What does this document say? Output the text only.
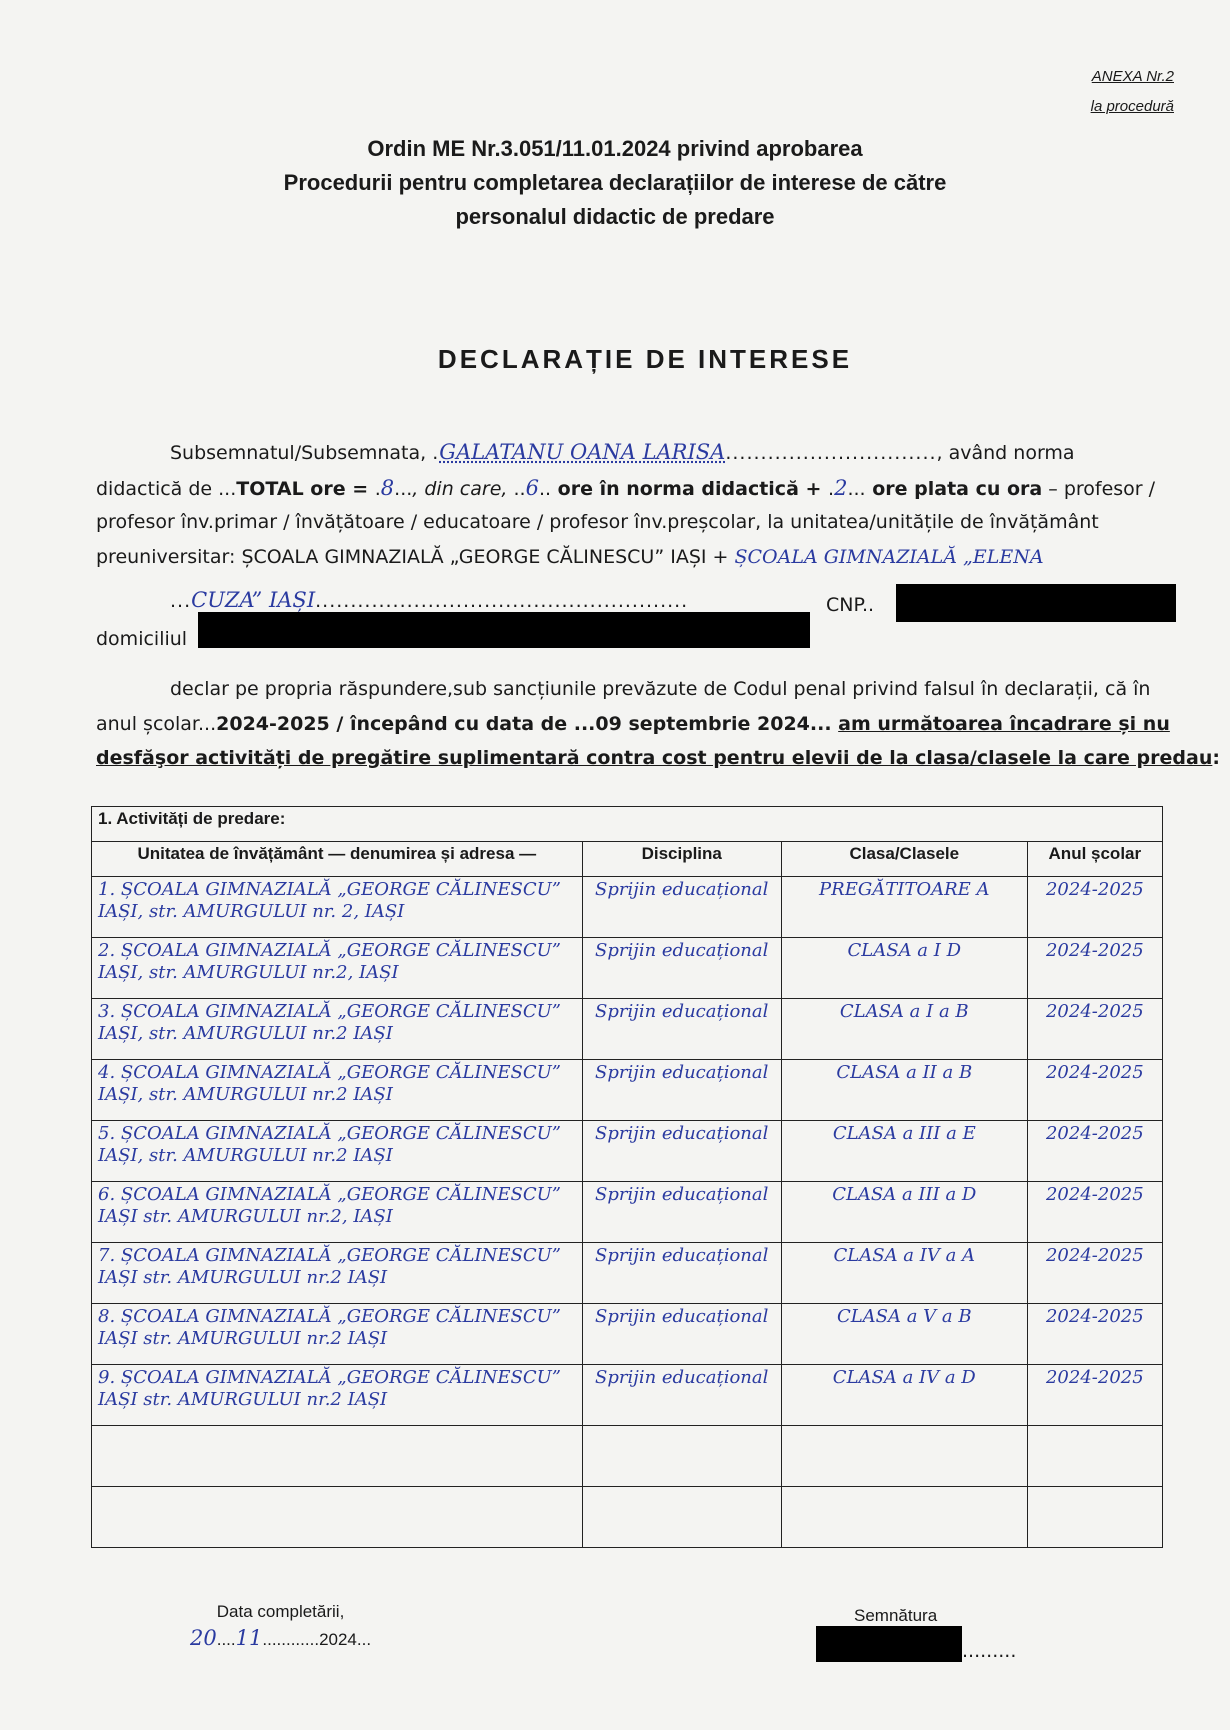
ANEXA Nr.2
la procedură
Ordin ME Nr.3.051/11.01.2024 privind aprobarea
Procedurii pentru completarea declarațiilor de interese de către
personalul didactic de predare
DECLARAȚIE DE INTERESE
Subsemnatul/Subsemnata, .GALATANU OANA LARISA.............................., având norma
didactică de ...TOTAL ore = .8..., din care, ..6.. ore în norma didactică + .2... ore plata cu ora – profesor /
profesor înv.primar / învățătoare / educatoare / profesor înv.preșcolar, la unitatea/unitățile de învățământ
preuniversitar: ȘCOALA GIMNAZIALĂ „GEORGE CĂLINESCU” IAȘI + ȘCOALA GIMNAZIALĂ „ELENA
...CUZA” IAȘI.....................................................	CNP..
domiciliul
declar pe propria răspundere,sub sancțiunile prevăzute de Codul penal privind falsul în declarații, că în
anul școlar...2024-2025 / începând cu data de ...09 septembrie 2024... am următoarea încadrare și nu
desfăşor activități de pregătire suplimentară contra cost pentru elevii de la clasa/clasele la care predau:
1. Activități de predare:			
Unitatea de învățământ — denumirea și adresa —	Disciplina	Clasa/Clasele	Anul școlar
1. ȘCOALA GIMNAZIALĂ „GEORGE CĂLINESCU” IAȘI, str. AMURGULUI nr. 2, IAȘI	Sprijin educațional	PREGĂTITOARE A	2024-2025
2. ȘCOALA GIMNAZIALĂ „GEORGE CĂLINESCU” IAȘI, str. AMURGULUI nr.2, IAȘI	Sprijin educațional	CLASA a I D	2024-2025
3. ȘCOALA GIMNAZIALĂ „GEORGE CĂLINESCU” IAȘI, str. AMURGULUI nr.2 IAȘI	Sprijin educațional	CLASA a I a B	2024-2025
4. ȘCOALA GIMNAZIALĂ „GEORGE CĂLINESCU” IAȘI, str. AMURGULUI nr.2 IAȘI	Sprijin educațional	CLASA a II a B	2024-2025
5. ȘCOALA GIMNAZIALĂ „GEORGE CĂLINESCU” IAȘI, str. AMURGULUI nr.2 IAȘI	Sprijin educațional	CLASA a III a E	2024-2025
6. ȘCOALA GIMNAZIALĂ „GEORGE CĂLINESCU” IAȘI str. AMURGULUI nr.2, IAȘI	Sprijin educațional	CLASA a III a D	2024-2025
7. ȘCOALA GIMNAZIALĂ „GEORGE CĂLINESCU” IAȘI str. AMURGULUI nr.2 IAȘI	Sprijin educațional	CLASA a IV a A	2024-2025
8. ȘCOALA GIMNAZIALĂ „GEORGE CĂLINESCU” IAȘI str. AMURGULUI nr.2 IAȘI	Sprijin educațional	CLASA a V a B	2024-2025
9. ȘCOALA GIMNAZIALĂ „GEORGE CĂLINESCU” IAȘI str. AMURGULUI nr.2 IAȘI	Sprijin educațional	CLASA a IV a D	2024-2025

Data completării,
20....11............2024...
Semnătura
.........
